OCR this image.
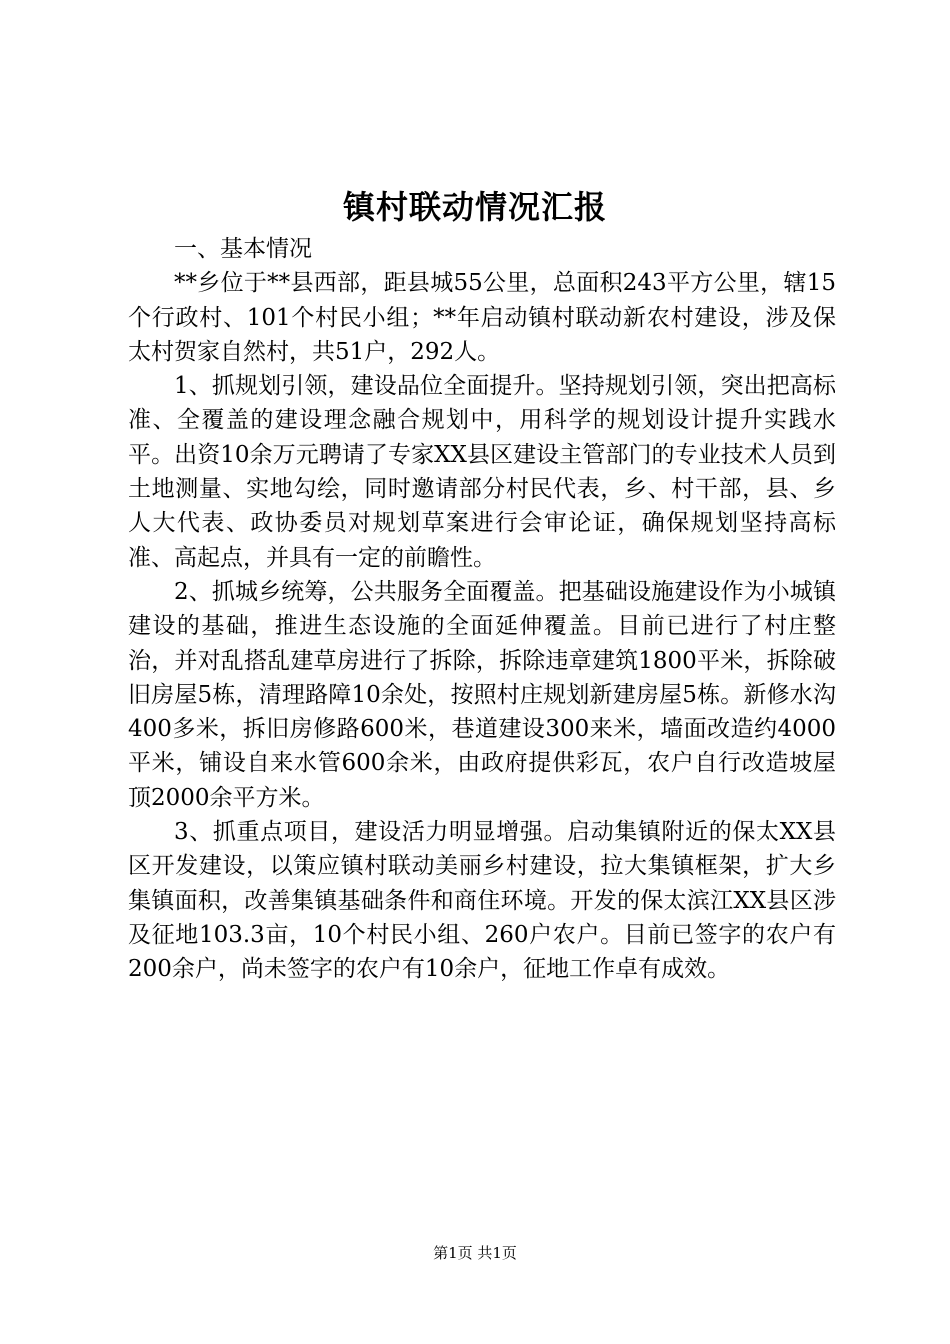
镇村联动情况汇报

一、基本情况

**乡位于**县西部，距县城55公里，总面积243平方公里，辖15个行政村、101个村民小组；**年启动镇村联动新农村建设，涉及保太村贺家自然村，共51户，292人。

1、抓规划引领，建设品位全面提升。坚持规划引领，突出把高标准、全覆盖的建设理念融合规划中，用科学的规划设计提升实践水平。出资10余万元聘请了专家XX县区建设主管部门的专业技术人员到土地测量、实地勾绘，同时邀请部分村民代表，乡、村干部，县、乡人大代表、政协委员对规划草案进行会审论证，确保规划坚持高标准、高起点，并具有一定的前瞻性。

2、抓城乡统筹，公共服务全面覆盖。把基础设施建设作为小城镇建设的基础，推进生态设施的全面延伸覆盖。目前已进行了村庄整治，并对乱搭乱建草房进行了拆除，拆除违章建筑1800平米，拆除破旧房屋5栋，清理路障10余处，按照村庄规划新建房屋5栋。新修水沟400多米，拆旧房修路600米，巷道建设300来米，墙面改造约4000平米，铺设自来水管600余米，由政府提供彩瓦，农户自行改造坡屋顶2000余平方米。

3、抓重点项目，建设活力明显增强。启动集镇附近的保太XX县区开发建设，以策应镇村联动美丽乡村建设，拉大集镇框架，扩大乡集镇面积，改善集镇基础条件和商住环境。开发的保太滨江XX县区涉及征地103.3亩，10个村民小组、260户农户。目前已签字的农户有200余户，尚未签字的农户有10余户，征地工作卓有成效。

第1页 共1页
